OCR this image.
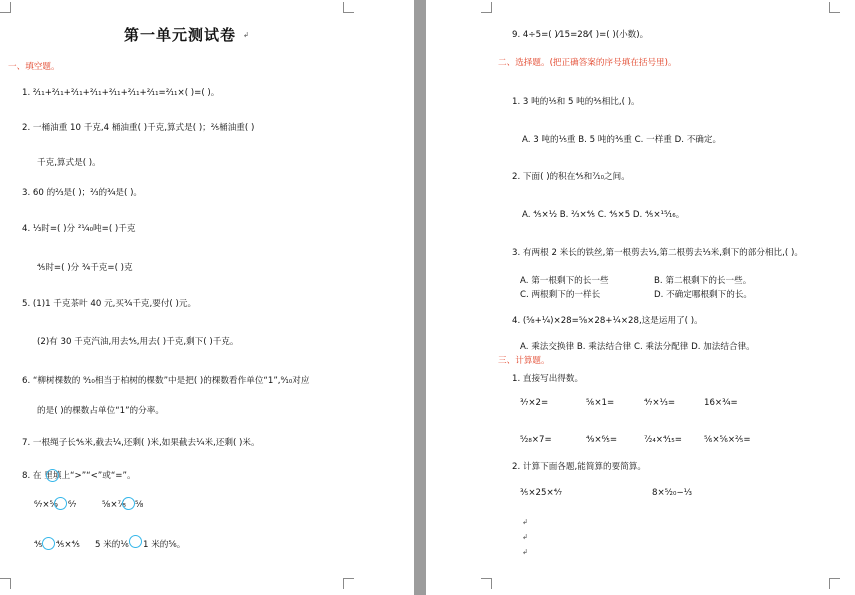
第一单元测试卷	↲
一、填空题。
1. ²⁄₁₁+²⁄₁₁+²⁄₁₁+²⁄₁₁+²⁄₁₁+²⁄₁₁+²⁄₁₁=²⁄₁₁×( )=( )。
2. 一桶油重 10 千克,4 桶油重( )千克,算式是( )；²⁄₅桶油重( )
千克,算式是( )。
3. 60 的⅔是( )；⅔的³⁄₄是( )。
4. ⅓时=( )分 ²¹⁄₄₀吨=( )千克
⁴⁄₅时=( )分 ³⁄₄千克=( )克
5. (1)1 千克茶叶 40 元,买³⁄₄千克,要付( )元。
(2)有 30 千克汽油,用去⅘,用去( )千克,剩下( )千克。
6. “柳树棵数的 ⁹⁄₁₀相当于柏树的棵数”中是把( )的棵数看作单位“1”,⁹⁄₁₀对应
的是( )的棵数占单位“1”的分率。
7. 一根绳子长⁴⁄₅米,截去¼,还剩( )米,如果截去¼米,还剩( )米。
8. 在 里填上“>”“<”或“=”。
⁶⁄₇×⁵⁄₉ ⁶⁄₇	⁵⁄₈×⁷⁄₈ ⁵⁄₈
⁴⁄₅ ⁴⁄₅×⁴⁄₅ 5 米的⅙ 1 米的⅚。
9. 4÷5=( )⁄15=28⁄( )=( )(小数)。
二、选择题。(把正确答案的序号填在括号里)。
1. 3 吨的⅕和 5 吨的⅗相比,( )。
A. 3 吨的⅕重 B. 5 吨的⅗重 C. 一样重 D. 不确定。
2. 下面( )的积在⅘和⁷⁄₁₀之间。
A. ⁴⁄₅×½ B. ⅔×⁴⁄₅ C. ⁴⁄₅×5 D. ⁴⁄₅×¹⁵⁄₁₆。
3. 有两根 2 米长的铁丝,第一根剪去⅓,第二根剪去⅓米,剩下的部分相比,( )。
A. 第一根剩下的长一些	B. 第二根剩下的长一些。
C. 两根剩下的一样长	D. 不确定哪根剩下的长。
4. (⅝+¼)×28=⅝×28+¼×28,这是运用了( )。
A. 乘法交换律 B. 乘法结合律 C. 乘法分配律 D. 加法结合律。
三、计算题。
1. 直接写出得数。
³⁄₇×2=	⁵⁄₆×1=	⁴⁄₇×⅓=	16×³⁄₄=
⁵⁄₂₈×7=	⁴⁄₉×⁶⁄₅=	⁷⁄₂₄×⁴⁄₁₅=	⅚×⅚×⅖=
2. 计算下面各题,能简算的要简算。
⅗×25×⁴⁄₇	8×⁵⁄₂₀−⅓
↲
↲
↲
